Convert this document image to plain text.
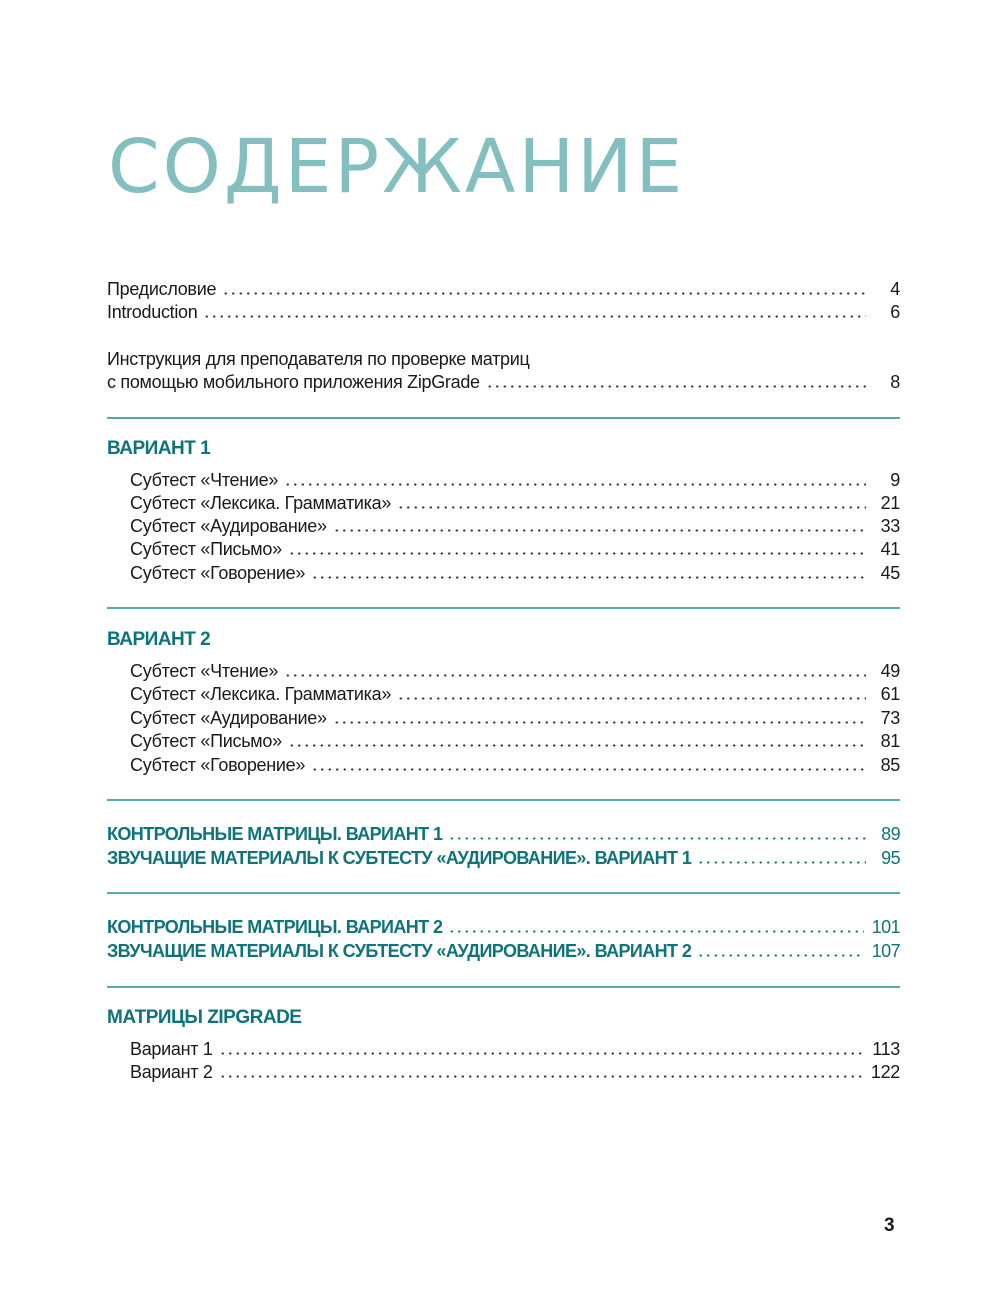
СОДЕРЖАНИЕ
Предисловие	4
Introduction	6
Инструкция для преподавателя по проверке матриц
с помощью мобильного приложения ZipGrade	8
ВАРИАНТ 1
Субтест «Чтение»	9
Субтест «Лексика. Грамматика»	21
Субтест «Аудирование»	33
Субтест «Письмо»	41
Субтест «Говорение»	45
ВАРИАНТ 2
Субтест «Чтение»	49
Субтест «Лексика. Грамматика»	61
Субтест «Аудирование»	73
Субтест «Письмо»	81
Субтест «Говорение»	85
КОНТРОЛЬНЫЕ МАТРИЦЫ. ВАРИАНТ 1	89
ЗВУЧАЩИЕ МАТЕРИАЛЫ К СУБТЕСТУ «АУДИРОВАНИЕ». ВАРИАНТ 1	95
КОНТРОЛЬНЫЕ МАТРИЦЫ. ВАРИАНТ 2	101
ЗВУЧАЩИЕ МАТЕРИАЛЫ К СУБТЕСТУ «АУДИРОВАНИЕ». ВАРИАНТ 2	107
МАТРИЦЫ ZIPGRADE
Вариант 1	113
Вариант 2	122
3
